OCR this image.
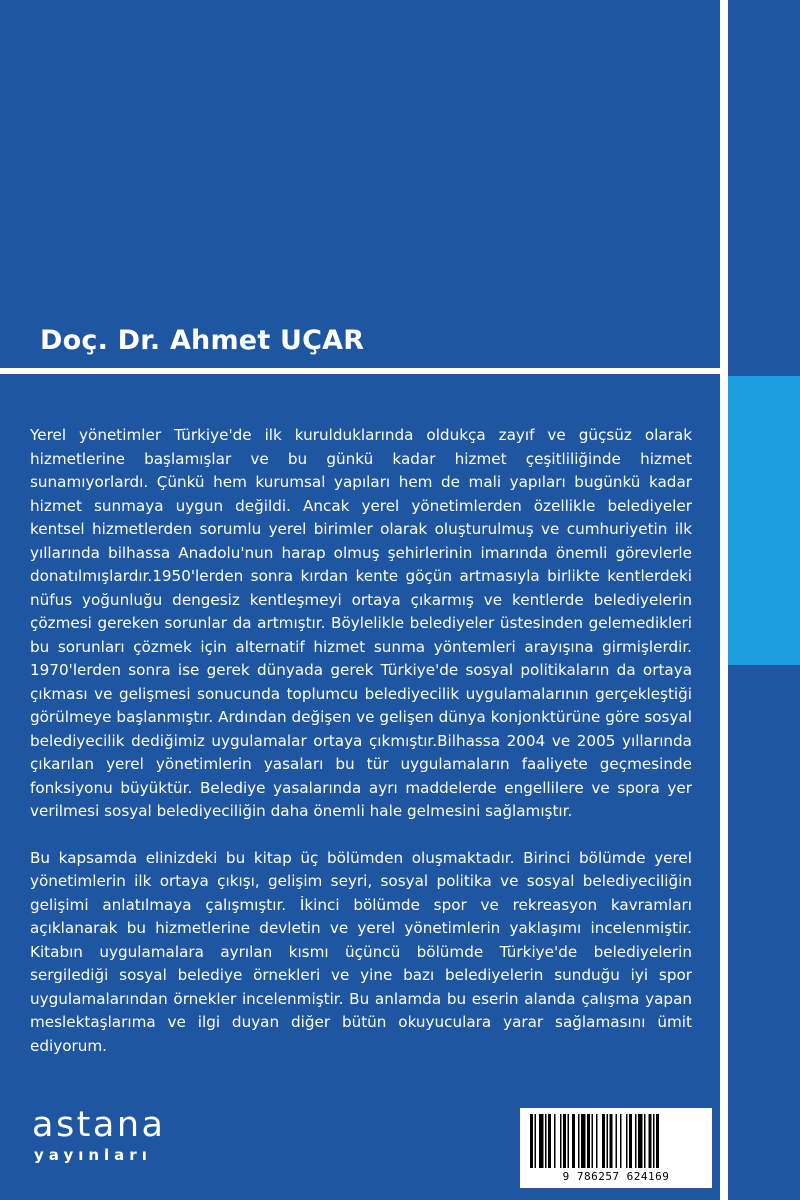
Doç. Dr. Ahmet UÇAR

Yerel yönetimler Türkiye'de ilk kurulduklarında oldukça zayıf ve güçsüz olarak hizmetlerine başlamışlar ve bu günkü kadar hizmet çeşitliliğinde hizmet sunamıyorlardı. Çünkü hem kurumsal yapıları hem de mali yapıları bugünkü kadar hizmet sunmaya uygun değildi. Ancak yerel yönetimlerden özellikle belediyeler kentsel hizmetlerden sorumlu yerel birimler olarak oluşturulmuş ve cumhuriyetin ilk yıllarında bilhassa Anadolu'nun harap olmuş şehirlerinin imarında önemli görevlerle donatılmışlardır.1950'lerden sonra kırdan kente göçün artmasıyla birlikte kentlerdeki nüfus yoğunluğu dengesiz kentleşmeyi ortaya çıkarmış ve kentlerde belediyelerin çözmesi gereken sorunlar da artmıştır. Böylelikle belediyeler üstesinden gelemedikleri bu sorunları çözmek için alternatif hizmet sunma yöntemleri arayışına girmişlerdir. 1970'lerden sonra ise gerek dünyada gerek Türkiye'de sosyal politikaların da ortaya çıkması ve gelişmesi sonucunda toplumcu belediyecilik uygulamalarının gerçekleştiği görülmeye başlanmıştır. Ardından değişen ve gelişen dünya konjonktürüne göre sosyal belediyecilik dediğimiz uygulamalar ortaya çıkmıştır.Bilhassa 2004 ve 2005 yıllarında çıkarılan yerel yönetimlerin yasaları bu tür uygulamaların faaliyete geçmesinde fonksiyonu büyüktür. Belediye yasalarında ayrı maddelerde engellilere ve spora yer verilmesi sosyal belediyeciliğin daha önemli hale gelmesini sağlamıştır.

Bu kapsamda elinizdeki bu kitap üç bölümden oluşmaktadır. Birinci bölümde yerel yönetimlerin ilk ortaya çıkışı, gelişim seyri, sosyal politika ve sosyal belediyeciliğin gelişimi anlatılmaya çalışmıştır. İkinci bölümde spor ve rekreasyon kavramları açıklanarak bu hizmetlerine devletin ve yerel yönetimlerin yaklaşımı incelenmiştir. Kitabın uygulamalara ayrılan kısmı üçüncü bölümde Türkiye'de belediyelerin sergilediği sosyal belediye örnekleri ve yine bazı belediyelerin sunduğu iyi spor uygulamalarından örnekler incelenmiştir. Bu anlamda bu eserin alanda çalışma yapan meslektaşlarıma ve ilgi duyan diğer bütün okuyuculara yarar sağlamasını ümit ediyorum.

astana
yayınları
9 786257 624169
